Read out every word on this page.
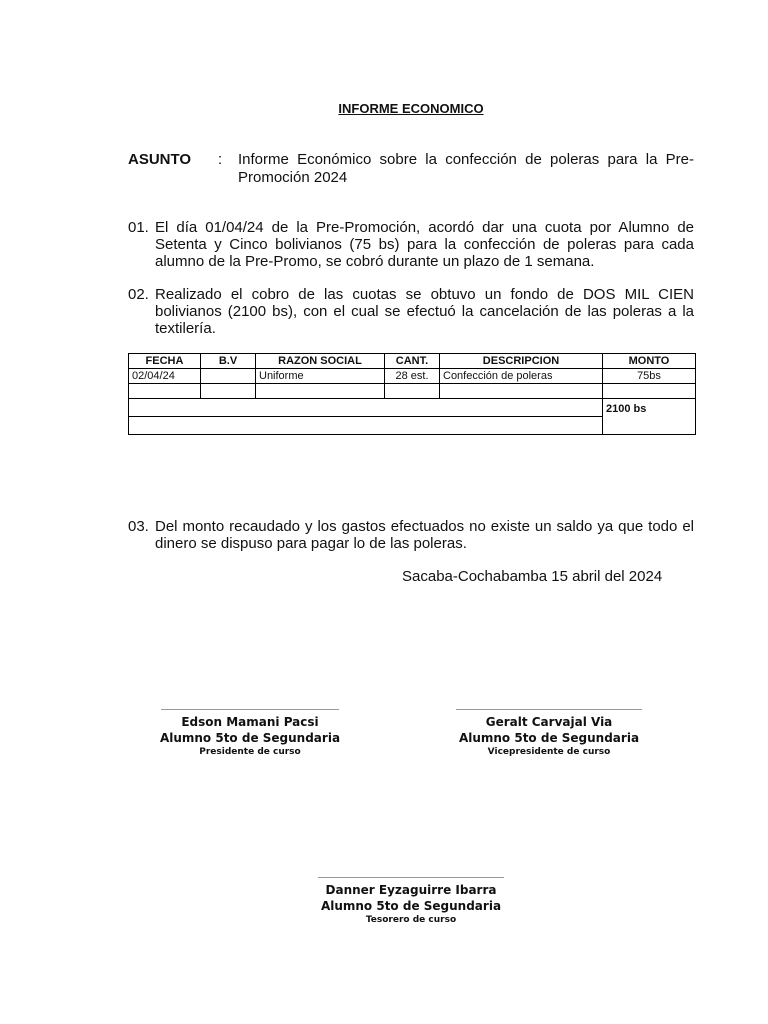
INFORME ECONOMICO
ASUNTO : Informe Económico sobre la confección de poleras para la Pre-Promoción 2024
01. El día 01/04/24 de la Pre-Promoción, acordó dar una cuota por Alumno de Setenta y Cinco bolivianos (75 bs) para la confección de poleras para cada alumno de la Pre-Promo, se cobró durante un plazo de 1 semana.
02. Realizado el cobro de las cuotas se obtuvo un fondo de DOS MIL CIEN bolivianos (2100 bs), con el cual se efectuó la cancelación de las poleras a la textilería.
FECHA	B.V	RAZON SOCIAL	CANT.	DESCRIPCION	MONTO
02/04/24		Uniforme	28 est.	Confección de poleras	75bs

					2100 bs

03. Del monto recaudado y los gastos efectuados no existe un saldo ya que todo el dinero se dispuso para pagar lo de las poleras.
Sacaba-Cochabamba 15 abril del 2024
Edson Mamani Pacsi
Alumno 5to de Segundaria
Presidente de curso
Geralt Carvajal Via
Alumno 5to de Segundaria
Vicepresidente de curso
Danner Eyzaguirre Ibarra
Alumno 5to de Segundaria
Tesorero de curso
